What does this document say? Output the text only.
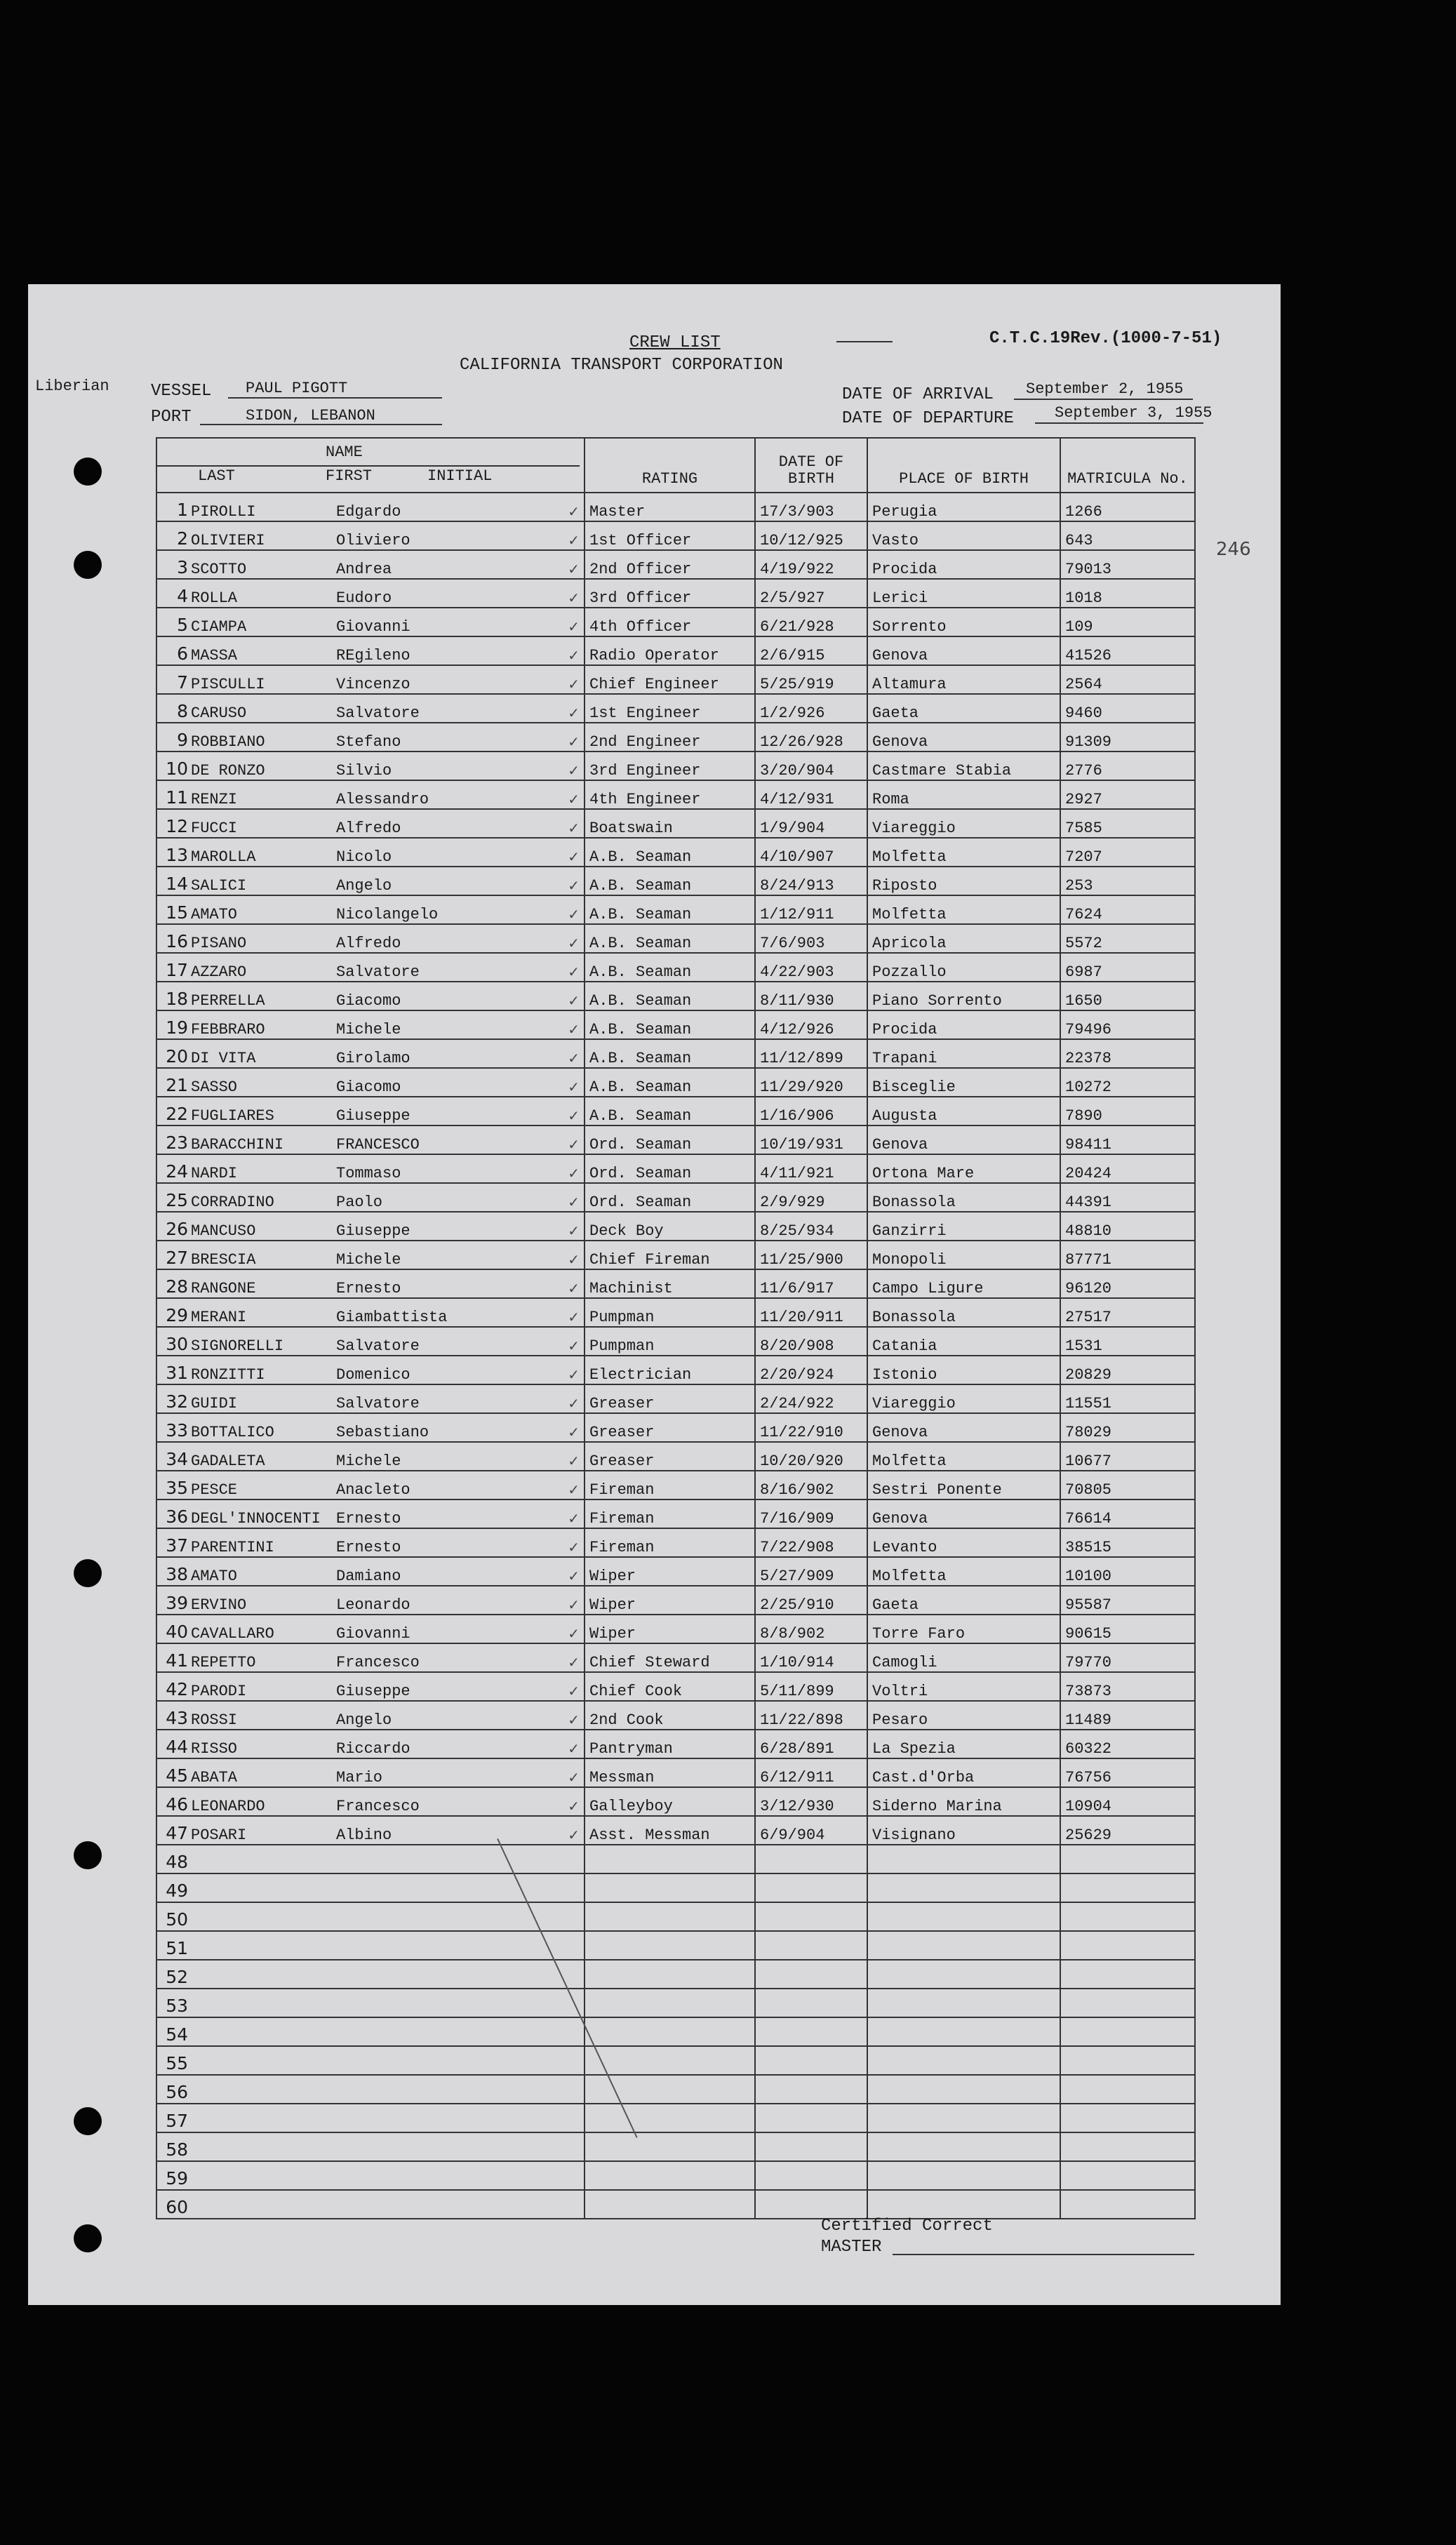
CREW LIST
CALIFORNIA TRANSPORT CORPORATION
C.T.C.19Rev.(1000-7-51)
Liberian VESSEL PAUL PIGOTT
PORT	SIDON, LEBANON
DATE OF ARRIVAL September 2, 1955
DATE OF DEPARTURE	September 3, 1955
246
NAME
LAST FIRST INITIAL		RATING	DATE OF BIRTH	PLACE OF BIRTH	MATRICULA No.
1 PIROLLI	Edgardo ✓	Master	17/3/903	Perugia	1266
2 OLIVIERI	Oliviero ✓	1st Officer	10/12/925	Vasto	643
3 SCOTTO	Andrea ✓	2nd Officer	4/19/922	Procida	79013
4 ROLLA	Eudoro ✓	3rd Officer	2/5/927	Lerici	1018
5 CIAMPA	Giovanni ✓	4th Officer	6/21/928	Sorrento	109
6 MASSA	REgileno ✓	Radio Operator	2/6/915	Genova	41526
7 PISCULLI	Vincenzo ✓	Chief Engineer	5/25/919	Altamura	2564
8 CARUSO	Salvatore ✓	1st Engineer	1/2/926	Gaeta	9460
9 ROBBIANO	Stefano ✓	2nd Engineer	12/26/928	Genova	91309
10 DE RONZO	Silvio ✓	3rd Engineer	3/20/904	Castmare Stabia	2776
11 RENZI	Alessandro ✓	4th Engineer	4/12/931	Roma	2927
12 FUCCI	Alfredo ✓	Boatswain	1/9/904	Viareggio	7585
13 MAROLLA	Nicolo ✓	A.B. Seaman	4/10/907	Molfetta	7207
14 SALICI	Angelo ✓	A.B. Seaman	8/24/913	Riposto	253
15 AMATO	Nicolangelo ✓	A.B. Seaman	1/12/911	Molfetta	7624
16 PISANO	Alfredo ✓	A.B. Seaman	7/6/903	Apricola	5572
17 AZZARO	Salvatore ✓	A.B. Seaman	4/22/903	Pozzallo	6987
18 PERRELLA	Giacomo ✓	A.B. Seaman	8/11/930	Piano Sorrento	1650
19 FEBBRARO	Michele ✓	A.B. Seaman	4/12/926	Procida	79496
20 DI VITA	Girolamo ✓	A.B. Seaman	11/12/899	Trapani	22378
21 SASSO	Giacomo ✓	A.B. Seaman	11/29/920	Bisceglie	10272
22 FUGLIARES	Giuseppe ✓	A.B. Seaman	1/16/906	Augusta	7890
23 BARACCHINI	FRANCESCO ✓	Ord. Seaman	10/19/931	Genova	98411
24 NARDI	Tommaso ✓	Ord. Seaman	4/11/921	Ortona Mare	20424
25 CORRADINO	Paolo ✓	Ord. Seaman	2/9/929	Bonassola	44391
26 MANCUSO	Giuseppe ✓	Deck Boy	8/25/934	Ganzirri	48810
27 BRESCIA	Michele ✓	Chief Fireman	11/25/900	Monopoli	87771
28 RANGONE	Ernesto ✓	Machinist	11/6/917	Campo Ligure	96120
29 MERANI	Giambattista ✓	Pumpman	11/20/911	Bonassola	27517
30 SIGNORELLI	Salvatore ✓	Pumpman	8/20/908	Catania	1531
31 RONZITTI	Domenico ✓	Electrician	2/20/924	Istonio	20829
32 GUIDI	Salvatore ✓	Greaser	2/24/922	Viareggio	11551
33 BOTTALICO	Sebastiano ✓	Greaser	11/22/910	Genova	78029
34 GADALETA	Michele ✓	Greaser	10/20/920	Molfetta	10677
35 PESCE	Anacleto ✓	Fireman	8/16/902	Sestri Ponente	70805
36 DEGL'INNOCENTI	Ernesto ✓	Fireman	7/16/909	Genova	76614
37 PARENTINI	Ernesto ✓	Fireman	7/22/908	Levanto	38515
38 AMATO	Damiano ✓	Wiper	5/27/909	Molfetta	10100
39 ERVINO	Leonardo ✓	Wiper	2/25/910	Gaeta	95587
40 CAVALLARO	Giovanni ✓	Wiper	8/8/902	Torre Faro	90615
41 REPETTO	Francesco ✓	Chief Steward	1/10/914	Camogli	79770
42 PARODI	Giuseppe ✓	Chief Cook	5/11/899	Voltri	73873
43 ROSSI	Angelo ✓	2nd Cook	11/22/898	Pesaro	11489
44 RISSO	Riccardo ✓	Pantryman	6/28/891	La Spezia	60322
45 ABATA	Mario ✓	Messman	6/12/911	Cast.d'Orba	76756
46 LEONARDO	Francesco ✓	Galleyboy	3/12/930	Siderno Marina	10904
47 POSARI	Albino ✓	Asst. Messman	6/9/904	Visignano	25629
48					
49					
50					
51					
52					
53					
54					
55					
56					
57					
58					
59					
60					
Certified Correct
MASTER
